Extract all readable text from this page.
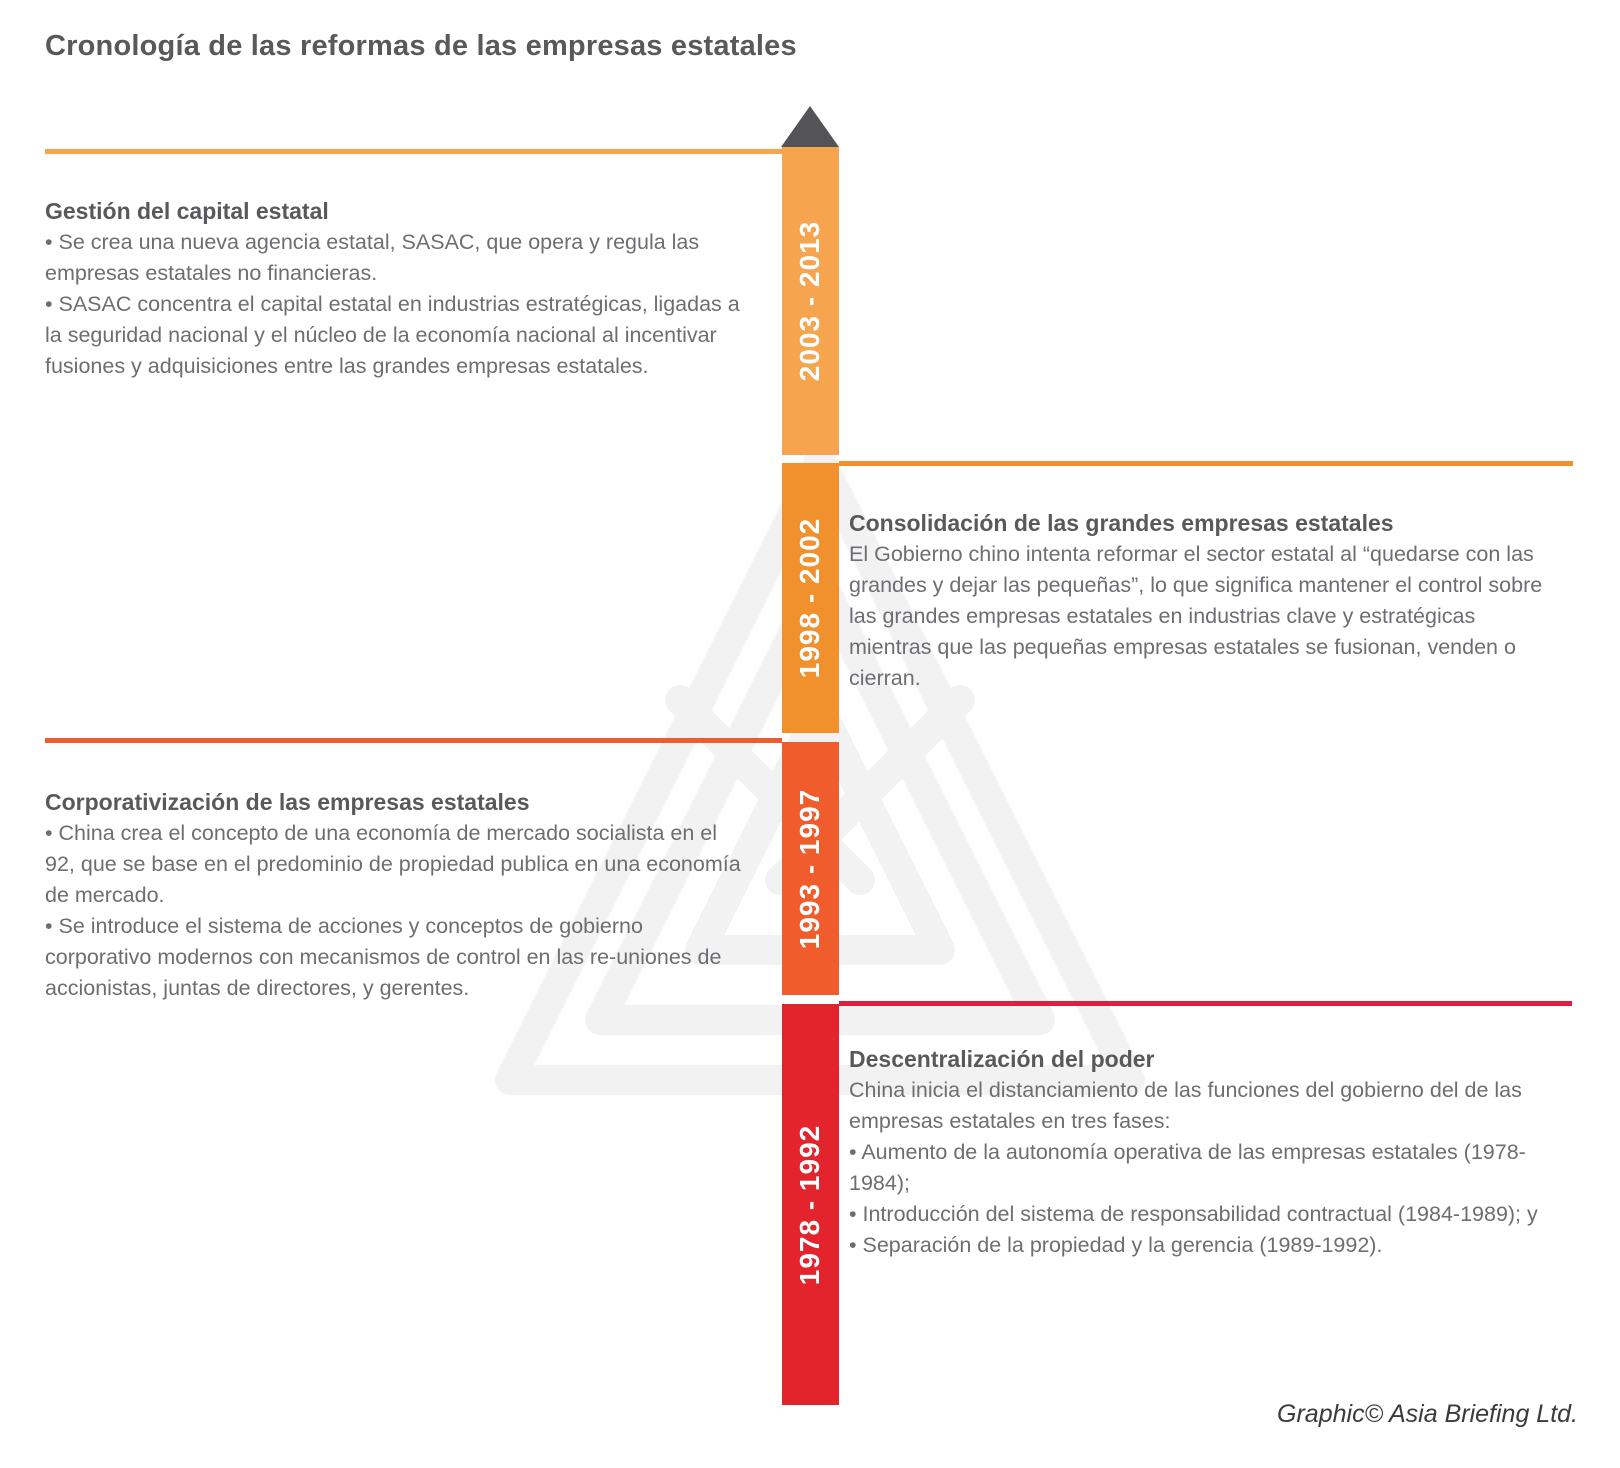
Cronología de las reformas de las empresas estatales
2003 - 2013
1998 - 2002
1993 - 1997
1978 - 1992
Gestión del capital estatal

• Se crea una nueva agencia estatal, SASAC, que opera y regula las empresas estatales no financieras.

• SASAC concentra el capital estatal en industrias estratégicas, ligadas a la seguridad nacional y el núcleo de la economía nacional al incentivar fusiones y adquisiciones entre las grandes empresas estatales.

Consolidación de las grandes empresas estatales

El Gobierno chino intenta reformar el sector estatal al “quedarse con las grandes y dejar las pequeñas”, lo que significa mantener el control sobre las grandes empresas estatales en industrias clave y estratégicas mientras que las pequeñas empresas estatales se fusionan, venden o cierran.

Corporativización de las empresas estatales

• China crea el concepto de una economía de mercado socialista en el 92, que se base en el predominio de propiedad publica en una economía de mercado.

• Se introduce el sistema de acciones y conceptos de gobierno corporativo modernos con mecanismos de control en las re-uniones de accionistas, juntas de directores, y gerentes.

Descentralización del poder

China inicia el distanciamiento de las funciones del gobierno del de las empresas estatales en tres fases:

• Aumento de la autonomía operativa de las empresas estatales (1978-1984);

• Introducción del sistema de responsabilidad contractual (1984-1989); y

• Separación de la propiedad y la gerencia (1989-1992).

Graphic© Asia Briefing Ltd.
